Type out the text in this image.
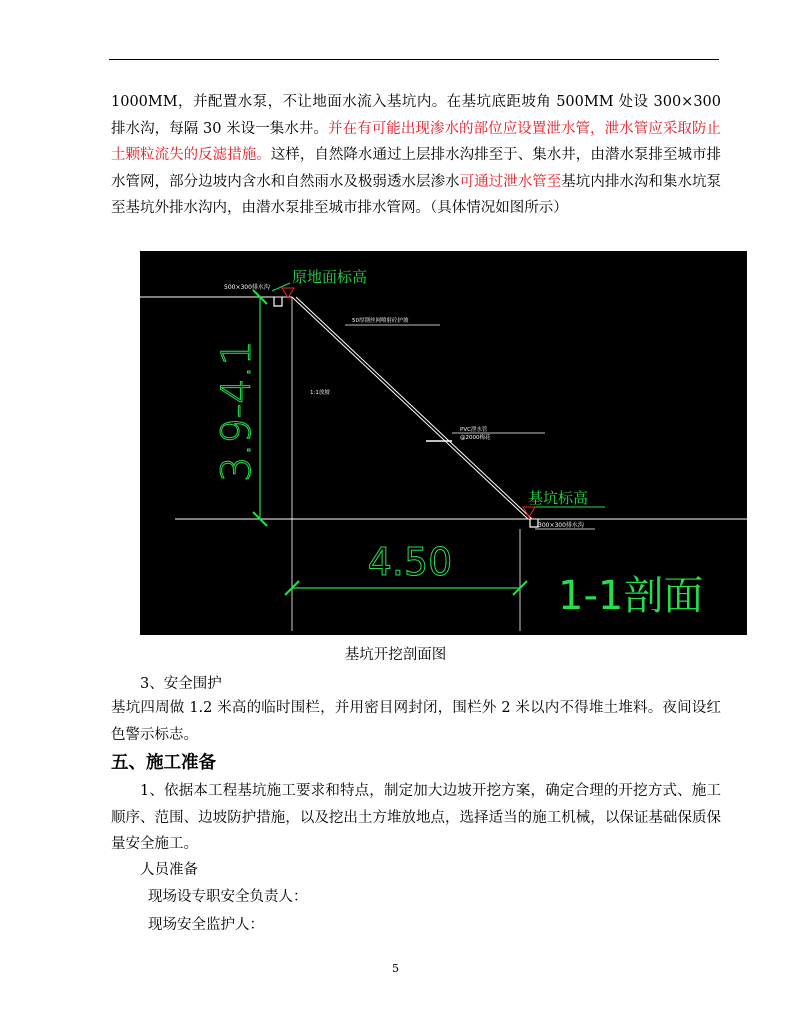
1000MM，并配置水泵，不让地面水流入基坑内。在基坑底距坡角 500MM 处设 300×300 排水沟，每隔 30 米设一集水井。并在有可能出现渗水的部位应设置泄水管，泄水管应采取防止土颗粒流失的反滤措施。这样，自然降水通过上层排水沟排至于、集水井，由潜水泵排至城市排水管网，部分边坡内含水和自然雨水及极弱透水层渗水可通过泄水管至基坑内排水沟和集水坑泵至基坑外排水沟内，由潜水泵排至城市排水管网。（具体情况如图所示）

3.9-4.1
4.50
原地面标高
500×300排水沟
50厚钢丝网喷射砼护坡
1:1放坡
PVC泄水管
@2000梅花
基坑标高
300×300排水沟
1-1剖面
基坑开挖剖面图
3、安全围护

基坑四周做 1.2 米高的临时围栏，并用密目网封闭，围栏外 2 米以内不得堆土堆料。夜间设红色警示标志。

五、施工准备

1、依据本工程基坑施工要求和特点，制定加大边坡开挖方案，确定合理的开挖方式、施工顺序、范围、边坡防护措施，以及挖出土方堆放地点，选择适当的施工机械，以保证基础保质保量安全施工。

人员准备
现场设专职安全负责人：
现场安全监护人：
5
